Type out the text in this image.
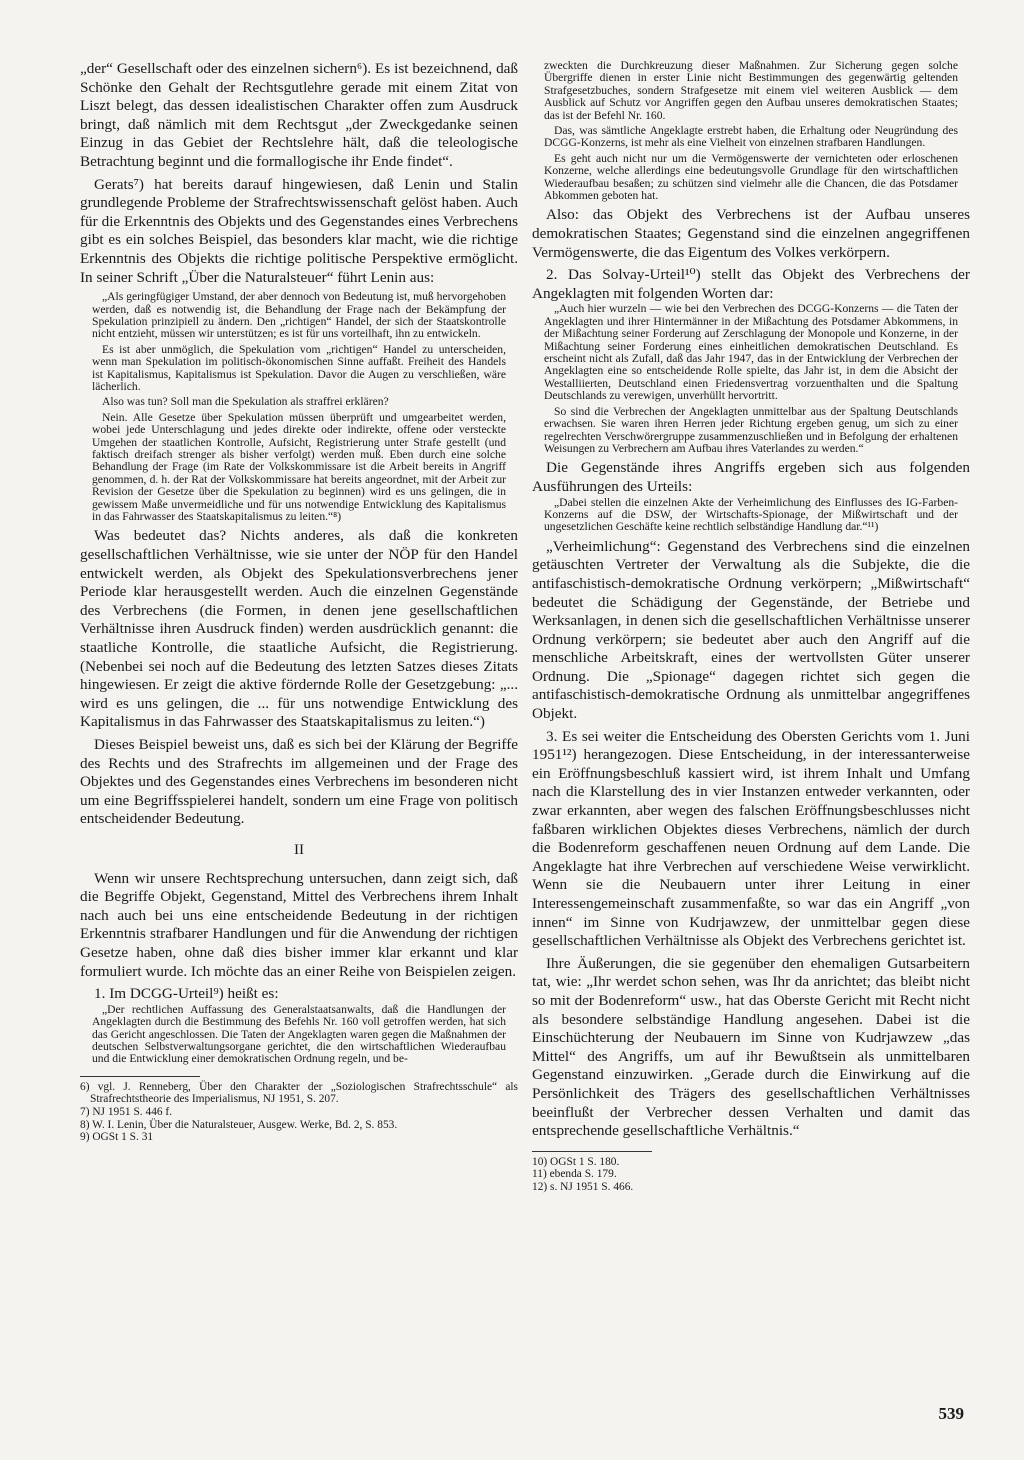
„der“ Gesellschaft oder des einzelnen sichern⁶). Es ist bezeichnend, daß Schönke den Gehalt der Rechtsgutlehre gerade mit einem Zitat von Liszt belegt, das dessen idealistischen Charakter offen zum Ausdruck bringt, daß nämlich mit dem Rechtsgut „der Zweckgedanke seinen Einzug in das Gebiet der Rechtslehre hält, daß die teleologische Betrachtung beginnt und die formallogische ihr Ende findet“.

Gerats⁷) hat bereits darauf hingewiesen, daß Lenin und Stalin grundlegende Probleme der Strafrechtswissenschaft gelöst haben. Auch für die Erkenntnis des Objekts und des Gegenstandes eines Verbrechens gibt es ein solches Beispiel, das besonders klar macht, wie die richtige Erkenntnis des Objekts die richtige politische Perspektive ermöglicht. In seiner Schrift „Über die Naturalsteuer“ führt Lenin aus:

„Als geringfügiger Umstand, der aber dennoch von Bedeutung ist, muß hervorgehoben werden, daß es notwendig ist, die Behandlung der Frage nach der Bekämpfung der Spekulation prinzipiell zu ändern. Den „richtigen“ Handel, der sich der Staatskontrolle nicht entzieht, müssen wir unterstützen; es ist für uns vorteilhaft, ihn zu entwickeln.

Es ist aber unmöglich, die Spekulation vom „richtigen“ Handel zu unterscheiden, wenn man Spekulation im politisch-ökonomischen Sinne auffaßt. Freiheit des Handels ist Kapitalismus, Kapitalismus ist Spekulation. Davor die Augen zu verschließen, wäre lächerlich.

Also was tun? Soll man die Spekulation als straffrei erklären?

Nein. Alle Gesetze über Spekulation müssen überprüft und umgearbeitet werden, wobei jede Unterschlagung und jedes direkte oder indirekte, offene oder versteckte Umgehen der staatlichen Kontrolle, Aufsicht, Registrierung unter Strafe gestellt (und faktisch dreifach strenger als bisher verfolgt) werden muß. Eben durch eine solche Behandlung der Frage (im Rate der Volkskommissare ist die Arbeit bereits in Angriff genommen, d. h. der Rat der Volkskommissare hat bereits angeordnet, mit der Arbeit zur Revision der Gesetze über die Spekulation zu beginnen) wird es uns gelingen, die in gewissem Maße unvermeidliche und für uns notwendige Entwicklung des Kapitalismus in das Fahrwasser des Staatskapitalismus zu leiten.“⁸)

Was bedeutet das? Nichts anderes, als daß die konkreten gesellschaftlichen Verhältnisse, wie sie unter der NÖP für den Handel entwickelt werden, als Objekt des Spekulationsverbrechens jener Periode klar herausgestellt werden. Auch die einzelnen Gegenstände des Verbrechens (die Formen, in denen jene gesellschaftlichen Verhältnisse ihren Ausdruck finden) werden ausdrücklich genannt: die staatliche Kontrolle, die staatliche Aufsicht, die Registrierung. (Nebenbei sei noch auf die Bedeutung des letzten Satzes dieses Zitats hingewiesen. Er zeigt die aktive fördernde Rolle der Gesetzgebung: „... wird es uns gelingen, die ... für uns notwendige Entwicklung des Kapitalismus in das Fahrwasser des Staatskapitalismus zu leiten.“)

Dieses Beispiel beweist uns, daß es sich bei der Klärung der Begriffe des Rechts und des Strafrechts im allgemeinen und der Frage des Objektes und des Gegenstandes eines Verbrechens im besonderen nicht um eine Begriffsspielerei handelt, sondern um eine Frage von politisch entscheidender Bedeutung.

II

Wenn wir unsere Rechtsprechung untersuchen, dann zeigt sich, daß die Begriffe Objekt, Gegenstand, Mittel des Verbrechens ihrem Inhalt nach auch bei uns eine entscheidende Bedeutung in der richtigen Erkenntnis strafbarer Handlungen und für die Anwendung der richtigen Gesetze haben, ohne daß dies bisher immer klar erkannt und klar formuliert wurde. Ich möchte das an einer Reihe von Beispielen zeigen.

1. Im DCGG-Urteil⁹) heißt es:

„Der rechtlichen Auffassung des Generalstaatsanwalts, daß die Handlungen der Angeklagten durch die Bestimmung des Befehls Nr. 160 voll getroffen werden, hat sich das Gericht angeschlossen. Die Taten der Angeklagten waren gegen die Maßnahmen der deutschen Selbstverwaltungsorgane gerichtet, die den wirtschaftlichen Wiederaufbau und die Entwicklung einer demokratischen Ordnung regeln, und be-

6) vgl. J. Renneberg, Über den Charakter der „Soziologischen Strafrechtsschule“ als Strafrechtstheorie des Imperialismus, NJ 1951, S. 207.

7) NJ 1951 S. 446 f.

8) W. I. Lenin, Über die Naturalsteuer, Ausgew. Werke, Bd. 2, S. 853.

9) OGSt 1 S. 31

zweckten die Durchkreuzung dieser Maßnahmen. Zur Sicherung gegen solche Übergriffe dienen in erster Linie nicht Bestimmungen des gegenwärtig geltenden Strafgesetzbuches, sondern Strafgesetze mit einem viel weiteren Ausblick — dem Ausblick auf Schutz vor Angriffen gegen den Aufbau unseres demokratischen Staates; das ist der Befehl Nr. 160.

Das, was sämtliche Angeklagte erstrebt haben, die Erhaltung oder Neugründung des DCGG-Konzerns, ist mehr als eine Vielheit von einzelnen strafbaren Handlungen.

Es geht auch nicht nur um die Vermögenswerte der vernichteten oder erloschenen Konzerne, welche allerdings eine bedeutungsvolle Grundlage für den wirtschaftlichen Wiederaufbau besaßen; zu schützen sind vielmehr alle die Chancen, die das Potsdamer Abkommen geboten hat.

Also: das Objekt des Verbrechens ist der Aufbau unseres demokratischen Staates; Gegenstand sind die einzelnen angegriffenen Vermögenswerte, die das Eigentum des Volkes verkörpern.

2. Das Solvay-Urteil¹⁰) stellt das Objekt des Verbrechens der Angeklagten mit folgenden Worten dar:

„Auch hier wurzeln — wie bei den Verbrechen des DCGG-Konzerns — die Taten der Angeklagten und ihrer Hintermänner in der Mißachtung des Potsdamer Abkommens, in der Mißachtung seiner Forderung auf Zerschlagung der Monopole und Konzerne, in der Mißachtung seiner Forderung eines einheitlichen demokratischen Deutschland. Es erscheint nicht als Zufall, daß das Jahr 1947, das in der Entwicklung der Verbrechen der Angeklagten eine so entscheidende Rolle spielte, das Jahr ist, in dem die Absicht der Westalliierten, Deutschland einen Friedensvertrag vorzuenthalten und die Spaltung Deutschlands zu verewigen, unverhüllt hervortritt.

So sind die Verbrechen der Angeklagten unmittelbar aus der Spaltung Deutschlands erwachsen. Sie waren ihren Herren jeder Richtung ergeben genug, um sich zu einer regelrechten Verschwörergruppe zusammenzuschließen und in Befolgung der erhaltenen Weisungen zu Verbrechern am Aufbau ihres Vaterlandes zu werden.“

Die Gegenstände ihres Angriffs ergeben sich aus folgenden Ausführungen des Urteils:

„Dabei stellen die einzelnen Akte der Verheimlichung des Einflusses des IG-Farben-Konzerns auf die DSW, der Wirtschafts-Spionage, der Mißwirtschaft und der ungesetzlichen Geschäfte keine rechtlich selbständige Handlung dar.“¹¹)

„Verheimlichung“: Gegenstand des Verbrechens sind die einzelnen getäuschten Vertreter der Verwaltung als die Subjekte, die die antifaschistisch-demokratische Ordnung verkörpern; „Mißwirtschaft“ bedeutet die Schädigung der Gegenstände, der Betriebe und Werksanlagen, in denen sich die gesellschaftlichen Verhältnisse unserer Ordnung verkörpern; sie bedeutet aber auch den Angriff auf die menschliche Arbeitskraft, eines der wertvollsten Güter unserer Ordnung. Die „Spionage“ dagegen richtet sich gegen die antifaschistisch-demokratische Ordnung als unmittelbar angegriffenes Objekt.

3. Es sei weiter die Entscheidung des Obersten Gerichts vom 1. Juni 1951¹²) herangezogen. Diese Entscheidung, in der interessanterweise ein Eröffnungsbeschluß kassiert wird, ist ihrem Inhalt und Umfang nach die Klarstellung des in vier Instanzen entweder verkannten, oder zwar erkannten, aber wegen des falschen Eröffnungsbeschlusses nicht faßbaren wirklichen Objektes dieses Verbrechens, nämlich der durch die Bodenreform geschaffenen neuen Ordnung auf dem Lande. Die Angeklagte hat ihre Verbrechen auf verschiedene Weise verwirklicht. Wenn sie die Neubauern unter ihrer Leitung in einer Interessengemeinschaft zusammenfaßte, so war das ein Angriff „von innen“ im Sinne von Kudrjawzew, der unmittelbar gegen diese gesellschaftlichen Verhältnisse als Objekt des Verbrechens gerichtet ist.

Ihre Äußerungen, die sie gegenüber den ehemaligen Gutsarbeitern tat, wie: „Ihr werdet schon sehen, was Ihr da anrichtet; das bleibt nicht so mit der Bodenreform“ usw., hat das Oberste Gericht mit Recht nicht als besondere selbständige Handlung angesehen. Dabei ist die Einschüchterung der Neubauern im Sinne von Kudrjawzew „das Mittel“ des Angriffs, um auf ihr Bewußtsein als unmittelbaren Gegenstand einzuwirken. „Gerade durch die Einwirkung auf die Persönlichkeit des Trägers des gesellschaftlichen Verhältnisses beeinflußt der Verbrecher dessen Verhalten und damit das entsprechende gesellschaftliche Verhältnis.“

10) OGSt 1 S. 180.

11) ebenda S. 179.

12) s. NJ 1951 S. 466.

539
